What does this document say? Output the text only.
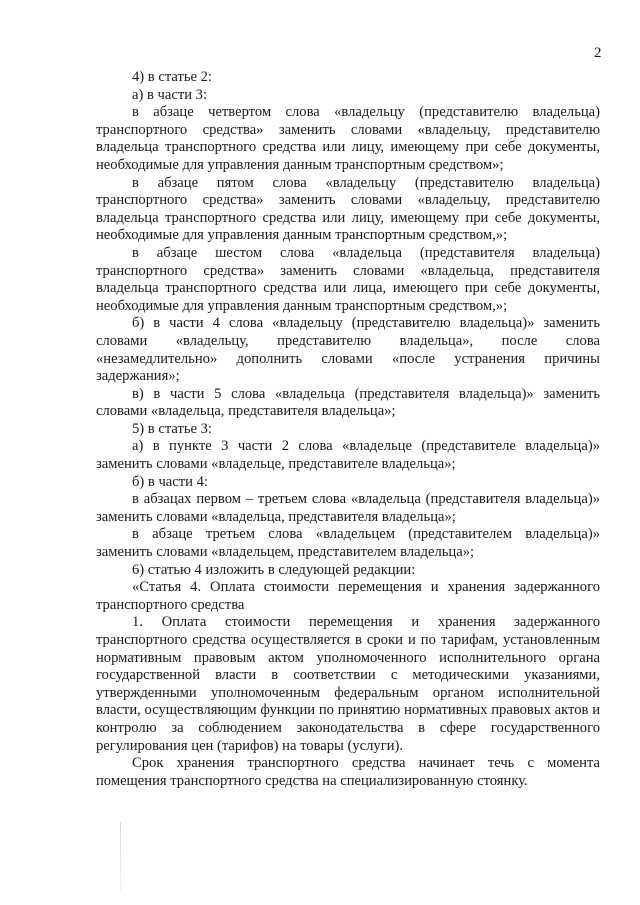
2

4) в статье 2:

а) в части 3:

в абзаце четвертом слова «владельцу (представителю владельца) транспортного средства» заменить словами «владельцу, представителю владельца транспортного средства или лицу, имеющему при себе документы, необходимые для управления данным транспортным средством»;

в абзаце пятом слова «владельцу (представителю владельца) транспортного средства» заменить словами «владельцу, представителю владельца транспортного средства или лицу, имеющему при себе документы, необходимые для управления данным транспортным средством,»;

в абзаце шестом слова «владельца (представителя владельца) транспортного средства» заменить словами «владельца, представителя владельца транспортного средства или лица, имеющего при себе документы, необходимые для управления данным транспортным средством,»;

б) в части 4 слова «владельцу (представителю владельца)» заменить словами «владельцу, представителю владельца», после слова «незамедлительно» дополнить словами «после устранения причины задержания»;

в) в части 5 слова «владельца (представителя владельца)» заменить словами «владельца, представителя владельца»;

5) в статье 3:

а) в пункте 3 части 2 слова «владельце (представителе владельца)» заменить словами «владельце, представителе владельца»;

б) в части 4:

в абзацах первом – третьем слова «владельца (представителя владельца)» заменить словами «владельца, представителя владельца»;

в абзаце третьем слова «владельцем (представителем владельца)» заменить словами «владельцем, представителем владельца»;

6) статью 4 изложить в следующей редакции:

«Статья 4. Оплата стоимости перемещения и хранения задержанного транспортного средства

1. Оплата стоимости перемещения и хранения задержанного транспортного средства осуществляется в сроки и по тарифам, установленным нормативным правовым актом уполномоченного исполнительного органа государственной власти в соответствии с методическими указаниями, утвержденными уполномоченным федеральным органом исполнительной власти, осуществляющим функции по принятию нормативных правовых актов и контролю за соблюдением законодательства в сфере государственного регулирования цен (тарифов) на товары (услуги).

Срок хранения транспортного средства начинает течь с момента помещения транспортного средства на специализированную стоянку.
